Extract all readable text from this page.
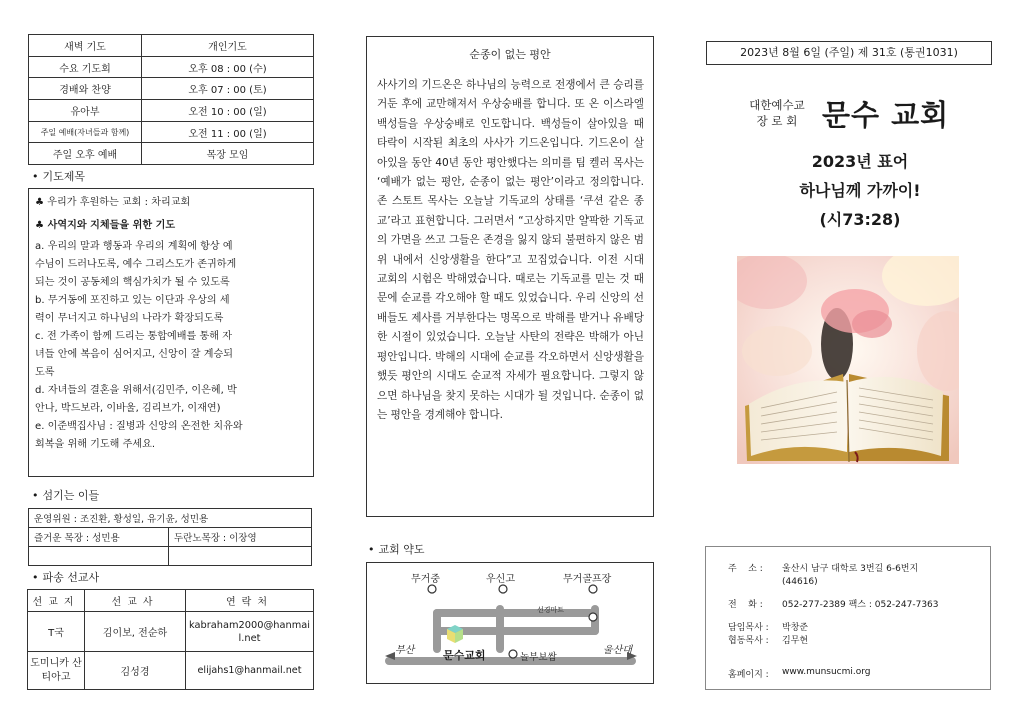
새벽 기도	개인기도
수요 기도회	오후 08 : 00 (수)
경배와 찬양	오후 07 : 00 (토)
유아부	오전 10 : 00 (일)
주일 예배(자녀들과 함께)	오전 11 : 00 (일)
주일 오후 예배	목장 모임
• 기도제목

♣ 우리가 후원하는 교회 : 차리교회

♣ 사역지와 지체들을 위한 기도

a. 우리의 말과 행동과 우리의 계획에 항상 예

수님이 드러나도록, 예수 그리스도가 존귀하게

되는 것이 공동체의 핵심가치가 될 수 있도록

b. 무거동에 포진하고 있는 이단과 우상의 세

력이 무너지고 하나님의 나라가 확장되도록

c. 전 가족이 함께 드리는 통합예배를 통해 자

녀들 안에 복음이 심어지고, 신앙이 잘 계승되

도록

d. 자녀들의 결혼을 위해서(김민주, 이은혜, 박

안나, 박드보라, 이바울, 김리브가, 이재연)

e. 이준백집사님 : 질병과 신앙의 온전한 치유와

회복을 위해 기도해 주세요.

• 섬기는 이들
운영위원 : 조진환, 황성일, 유기윤, 성민용	
즐거운 목장 : 성민용	두란노목장 : 이장영

• 파송 선교사
선교지	선교사	연락처
T국	김이보, 전순하	kabraham2000@hanmail.net
도미니카 산티아고	김성경	elijahs1@hanmail.net
순종이 없는 평안
사사기의 기드온은 하나님의 능력으로 전쟁에서 큰 승리를 거둔 후에 교만해져서 우상숭배를 합니다. 또 온 이스라엘 백성들을 우상숭배로 인도합니다. 백성들이 살아있을 때 타락이 시작된 최초의 사사가 기드온입니다. 기드온이 살아있을 동안 40년 동안 평안했다는 의미를 팀 켈러 목사는 ‘예배가 없는 평안, 순종이 없는 평안’이라고 정의합니다. 존 스토트 목사는 오늘날 기독교의 상태를 ‘쿠션 같은 종교’라고 표현합니다. 그러면서 “고상하지만 얄팍한 기독교의 가면을 쓰고 그들은 존경을 잃지 않되 불편하지 않은 범위 내에서 신앙생활을 한다”고 꼬집었습니다. 이전 시대 교회의 시험은 박해였습니다. 때로는 기독교를 믿는 것 때문에 순교를 각오해야 할 때도 있었습니다. 우리 신앙의 선배들도 제사를 거부한다는 명목으로 박해를 받거나 유배당한 시절이 있었습니다. 오늘날 사탄의 전략은 박해가 아닌 평안입니다. 박해의 시대에 순교를 각오하면서 신앙생활을 했듯 평안의 시대도 순교적 자세가 필요합니다. 그렇지 않으면 하나님을 찾지 못하는 시대가 될 것입니다. 순종이 없는 평안을 경계해야 합니다.
• 교회 약도
무거중	우신고	무거골프장
선경마트
문수교회	놀부보쌈
부산	울산대
2023년 8월 6일 (주일) 제 31호 (통권1031)
대한예수교
장 로 회 문수 교회
2023년 표어
하나님께 가까이!
(시73:28)
주    소 : 울산시 남구 대학로 3번길 6-6번지
(44616)
전    화 : 052-277-2389 팩스 : 052-247-7363
담임목사 : 박창준
협동목사 : 김무현
홈페이지 : www.munsucmi.org
